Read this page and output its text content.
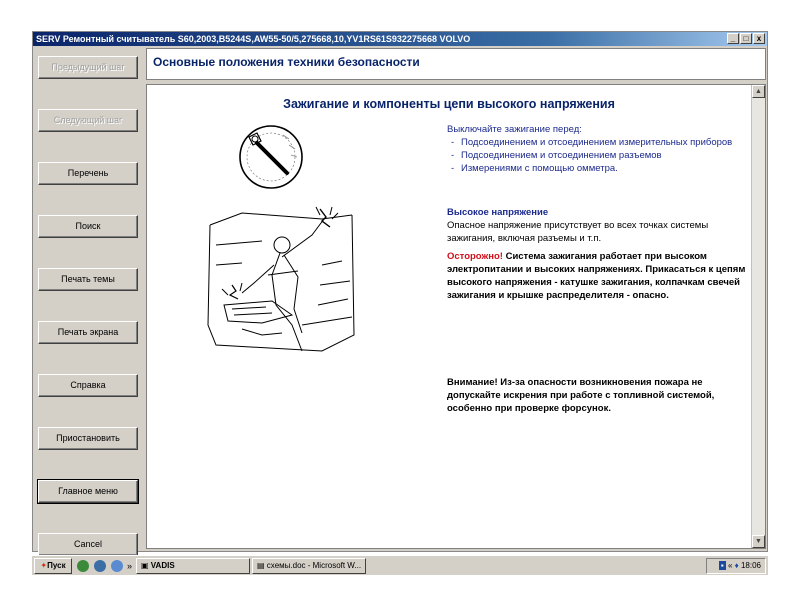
SERV Ремонтный считыватель S60,2003,B5244S,AW55-50/5,275668,10,YV1RS61S932275668 VOLVO	_	□	x
Предыдущий шаг
Следующий шаг
Перечень
Поиск
Печать темы
Печать экрана
Справка
Приостановить
Главное меню
Cancel
Основные положения техники безопасности
Зажигание и компоненты цепи высокого напряжения
Выключайте зажигание перед:
- Подсоединением и отсоединением измерительных приборов
- Подсоединением и отсоединением разъемов
- Измерениями с помощью омметра.
Высокое напряжение
Опасное напряжение присутствует во всех точках системы зажигания, включая разъемы и т.п.
Осторожно! Система зажигания работает при высоком электропитании и высоких напряжениях. Прикасаться к цепям высокого напряжения - катушке зажигания, колпачкам свечей зажигания и крышке распределителя - опасно.
Внимание! Из-за опасности возникновения пожара не допускайте искрения при работе с топливной системой, особенно при проверке форсунок.
▲
▼
✦Пуск	»	▣ VADIS	▤ схемы.doc - Microsoft W...	▪ « ♦ 18:06
